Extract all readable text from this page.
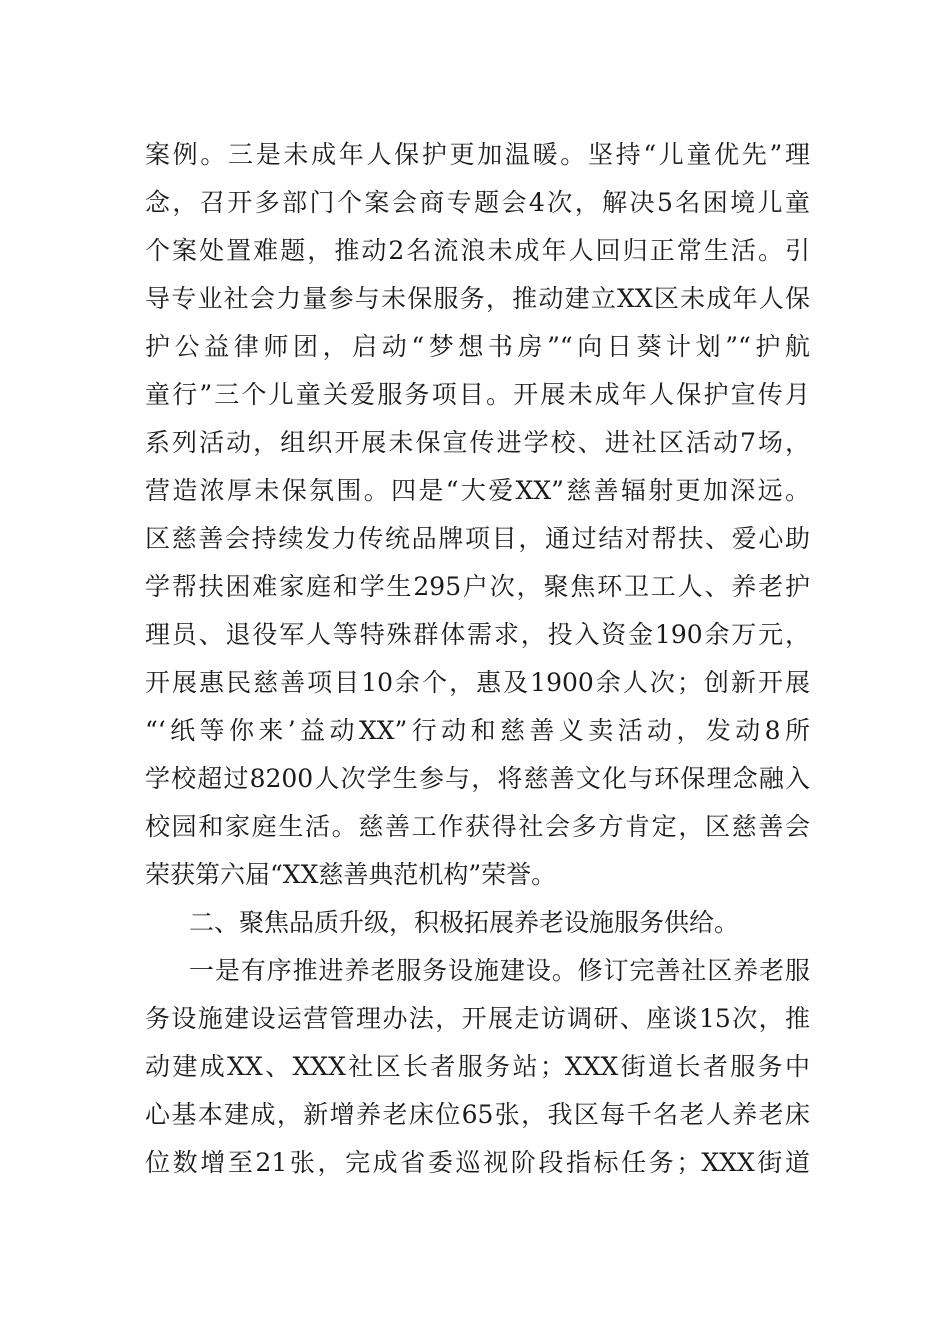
案例。三是未成年人保护更加温暖。坚持“儿童优先”理
念，召开多部门个案会商专题会4次，解决5名困境儿童
个案处置难题，推动2名流浪未成年人回归正常生活。引
导专业社会力量参与未保服务，推动建立XX区未成年人保
护公益律师团，启动“梦想书房”“向日葵计划”“护航
童行”三个儿童关爱服务项目。开展未成年人保护宣传月
系列活动，组织开展未保宣传进学校、进社区活动7场，
营造浓厚未保氛围。四是“大爱XX”慈善辐射更加深远。
区慈善会持续发力传统品牌项目，通过结对帮扶、爱心助
学帮扶困难家庭和学生295户次，聚焦环卫工人、养老护
理员、退役军人等特殊群体需求，投入资金190余万元，
开展惠民慈善项目10余个，惠及1900余人次；创新开展
“‘纸等你来’益动XX”行动和慈善义卖活动，发动8所
学校超过8200人次学生参与，将慈善文化与环保理念融入
校园和家庭生活。慈善工作获得社会多方肯定，区慈善会
荣获第六届“XX慈善典范机构”荣誉。
二、聚焦品质升级，积极拓展养老设施服务供给。
一是有序推进养老服务设施建设。修订完善社区养老服
务设施建设运营管理办法，开展走访调研、座谈15次，推
动建成XX、XXX社区长者服务站；XXX街道长者服务中
心基本建成，新增养老床位65张，我区每千名老人养老床
位数增至21张，完成省委巡视阶段指标任务；XXX街道
